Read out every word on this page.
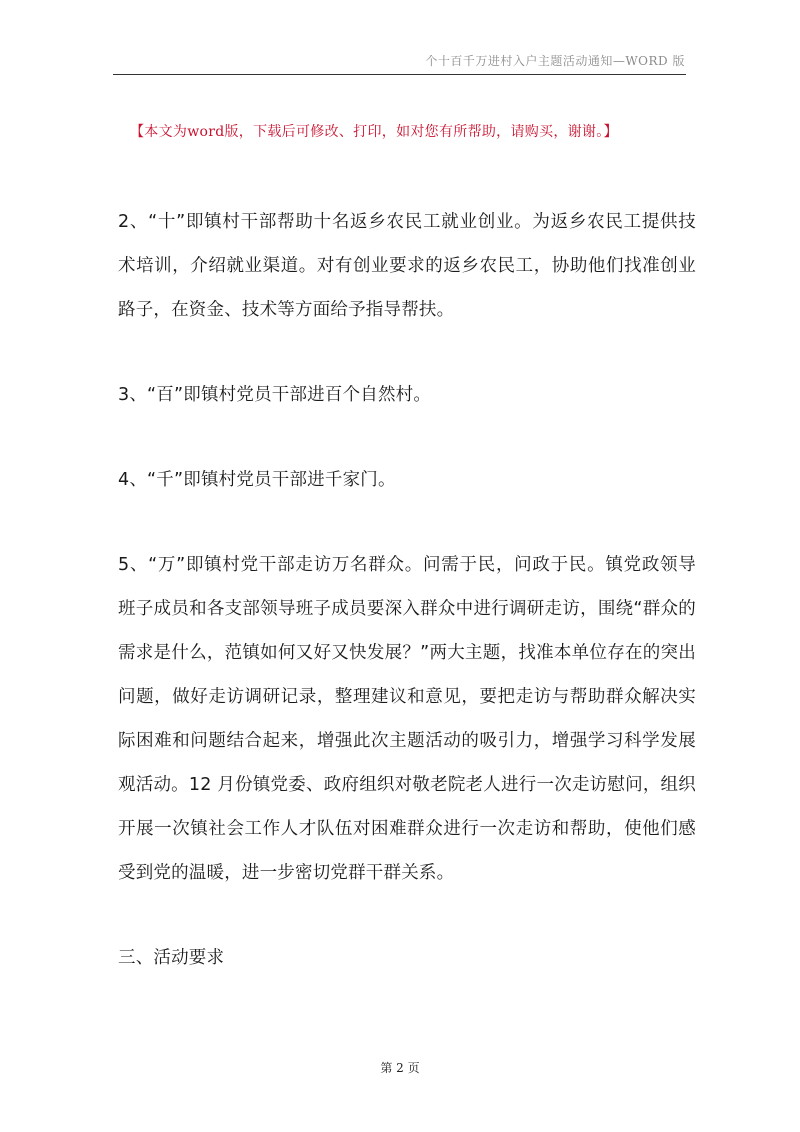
个十百千万进村入户主题活动通知—WORD 版
【本文为word版，下载后可修改、打印，如对您有所帮助，请购买，谢谢。】

2、“十”即镇村干部帮助十名返乡农民工就业创业。为返乡农民工提供技术培训，介绍就业渠道。对有创业要求的返乡农民工，协助他们找准创业路子，在资金、技术等方面给予指导帮扶。

3、“百”即镇村党员干部进百个自然村。

4、“千”即镇村党员干部进千家门。

5、“万”即镇村党干部走访万名群众。问需于民，问政于民。镇党政领导班子成员和各支部领导班子成员要深入群众中进行调研走访，围绕“群众的需求是什么，范镇如何又好又快发展？”两大主题，找准本单位存在的突出问题，做好走访调研记录，整理建议和意见，要把走访与帮助群众解决实际困难和问题结合起来，增强此次主题活动的吸引力，增强学习科学发展观活动。12 月份镇党委、政府组织对敬老院老人进行一次走访慰问，组织开展一次镇社会工作人才队伍对困难群众进行一次走访和帮助，使他们感受到党的温暖，进一步密切党群干群关系。

三、活动要求

第 2 页
